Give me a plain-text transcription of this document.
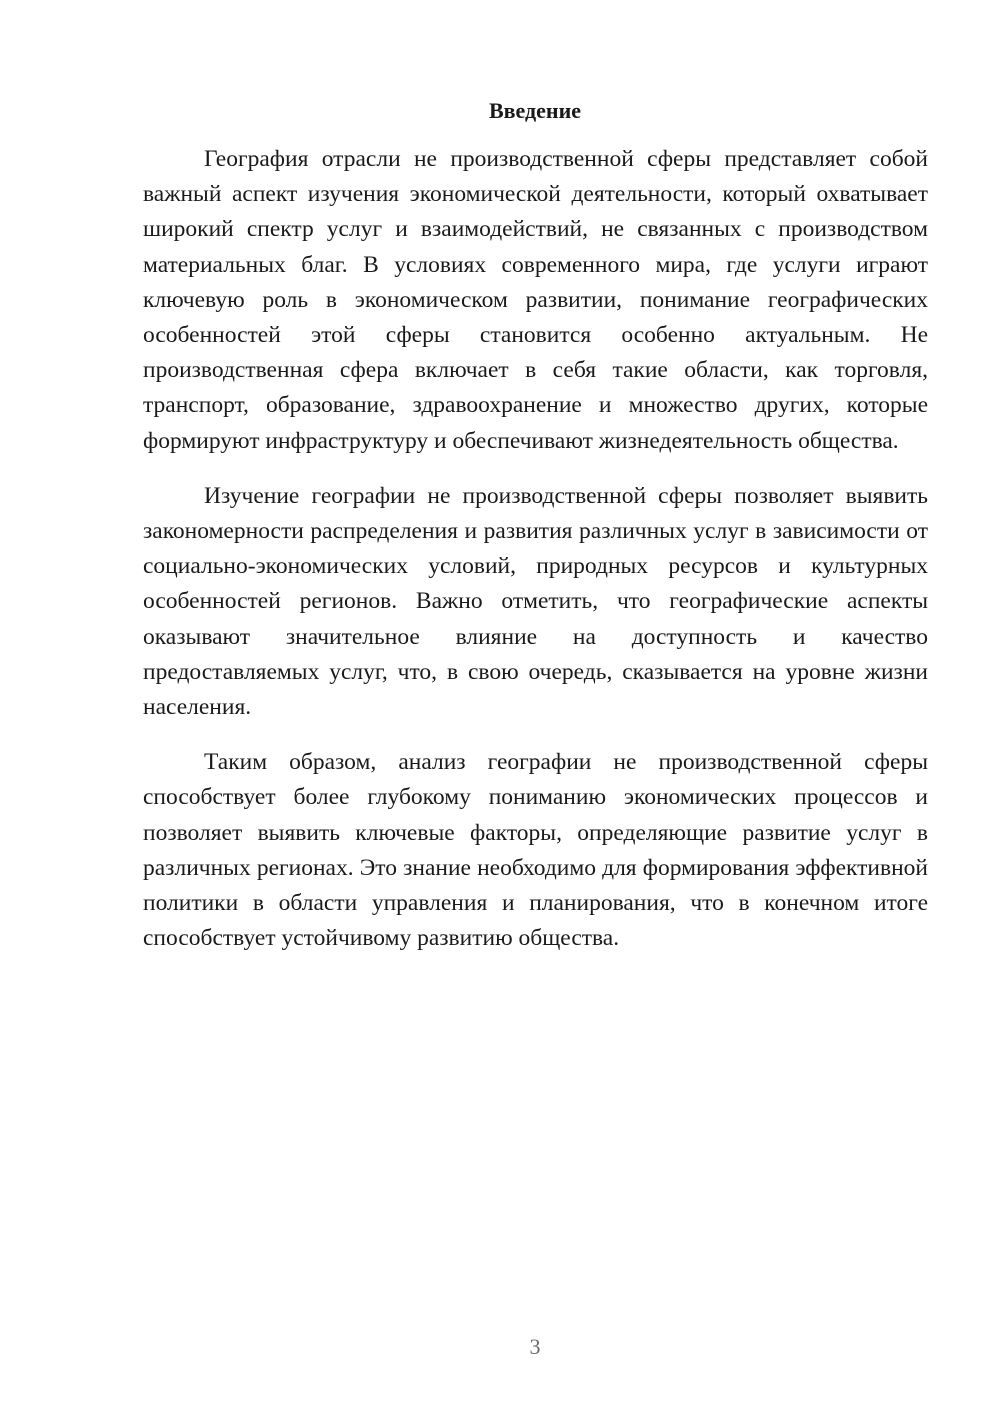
Введение

География отрасли не производственной сферы представляет собой важный аспект изучения экономической деятельности, который охватывает широкий спектр услуг и взаимодействий, не связанных с производством материальных благ. В условиях современного мира, где услуги играют ключевую роль в экономическом развитии, понимание географических особенностей этой сферы становится особенно актуальным. Не производственная сфера включает в себя такие области, как торговля, транспорт, образование, здравоохранение и множество других, которые формируют инфраструктуру и обеспечивают жизнедеятельность общества.

Изучение географии не производственной сферы позволяет выявить закономерности распределения и развития различных услуг в зависимости от социально-экономических условий, природных ресурсов и культурных особенностей регионов. Важно отметить, что географические аспекты оказывают значительное влияние на доступность и качество предоставляемых услуг, что, в свою очередь, сказывается на уровне жизни населения.

Таким образом, анализ географии не производственной сферы способствует более глубокому пониманию экономических процессов и позволяет выявить ключевые факторы, определяющие развитие услуг в различных регионах. Это знание необходимо для формирования эффективной политики в области управления и планирования, что в конечном итоге способствует устойчивому развитию общества.

3
